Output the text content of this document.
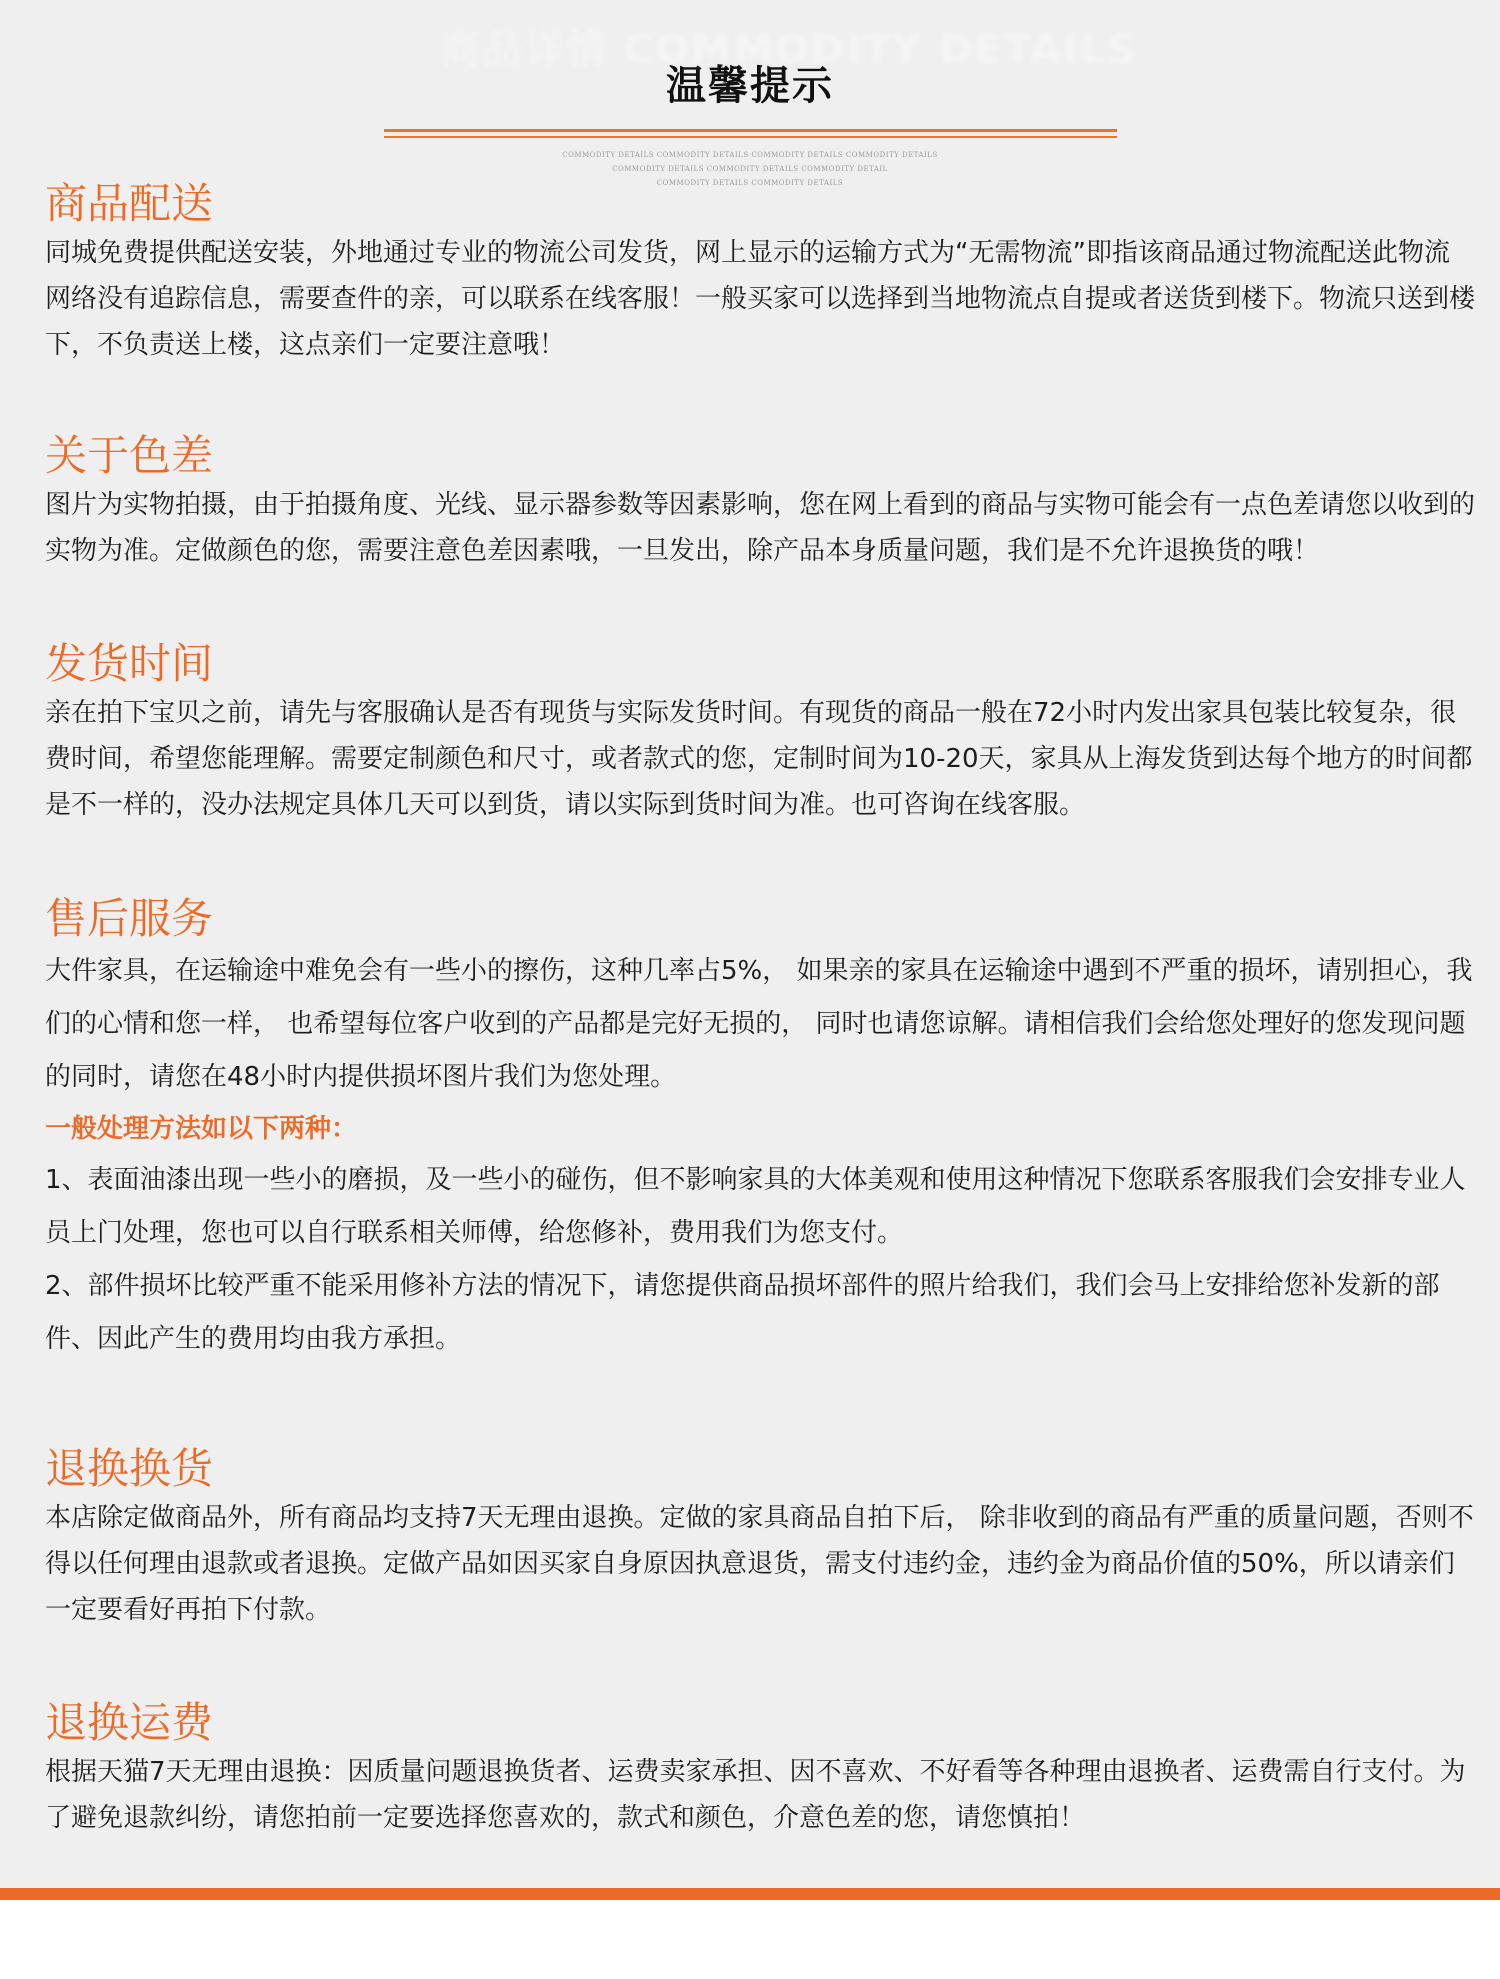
商品详情 COMMODITY DETAILS
温馨提示
COMMODITY DETAILS COMMODITY DETAILS COMMODITY DETAILS COMMODITY DETAILS
COMMODITY DETAILS COMMODITY DETAILS COMMODITY DETAIL
COMMODITY DETAILS COMMODITY DETAILS
商品配送

同城免费提供配送安装，外地通过专业的物流公司发货，网上显示的运输方式为“无需物流”即指该商品通过物流配送此物流网络没有追踪信息，需要查件的亲，可以联系在线客服！一般买家可以选择到当地物流点自提或者送货到楼下。物流只送到楼下，不负责送上楼，这点亲们一定要注意哦！

关于色差

图片为实物拍摄，由于拍摄角度、光线、显示器参数等因素影响，您在网上看到的商品与实物可能会有一点色差请您以收到的实物为准。定做颜色的您，需要注意色差因素哦，一旦发出，除产品本身质量问题，我们是不允许退换货的哦！

发货时间

亲在拍下宝贝之前，请先与客服确认是否有现货与实际发货时间。有现货的商品一般在72小时内发出家具包装比较复杂，很费时间，希望您能理解。需要定制颜色和尺寸，或者款式的您，定制时间为10-20天，家具从上海发货到达每个地方的时间都是不一样的，没办法规定具体几天可以到货，请以实际到货时间为准。也可咨询在线客服。

售后服务

大件家具，在运输途中难免会有一些小的擦伤，这种几率占5%， 如果亲的家具在运输途中遇到不严重的损坏，请别担心，我们的心情和您一样， 也希望每位客户收到的产品都是完好无损的， 同时也请您谅解。请相信我们会给您处理好的您发现问题的同时，请您在48小时内提供损坏图片我们为您处理。

一般处理方法如以下两种：

1、表面油漆出现一些小的磨损，及一些小的碰伤，但不影响家具的大体美观和使用这种情况下您联系客服我们会安排专业人员上门处理，您也可以自行联系相关师傅，给您修补，费用我们为您支付。

2、部件损坏比较严重不能采用修补方法的情况下，请您提供商品损坏部件的照片给我们，我们会马上安排给您补发新的部件、因此产生的费用均由我方承担。

退换换货

本店除定做商品外，所有商品均支持7天无理由退换。定做的家具商品自拍下后， 除非收到的商品有严重的质量问题，否则不得以任何理由退款或者退换。定做产品如因买家自身原因执意退货，需支付违约金，违约金为商品价值的50%，所以请亲们一定要看好再拍下付款。

退换运费

根据天猫7天无理由退换：因质量问题退换货者、运费卖家承担、因不喜欢、不好看等各种理由退换者、运费需自行支付。为了避免退款纠纷，请您拍前一定要选择您喜欢的，款式和颜色，介意色差的您，请您慎拍！
